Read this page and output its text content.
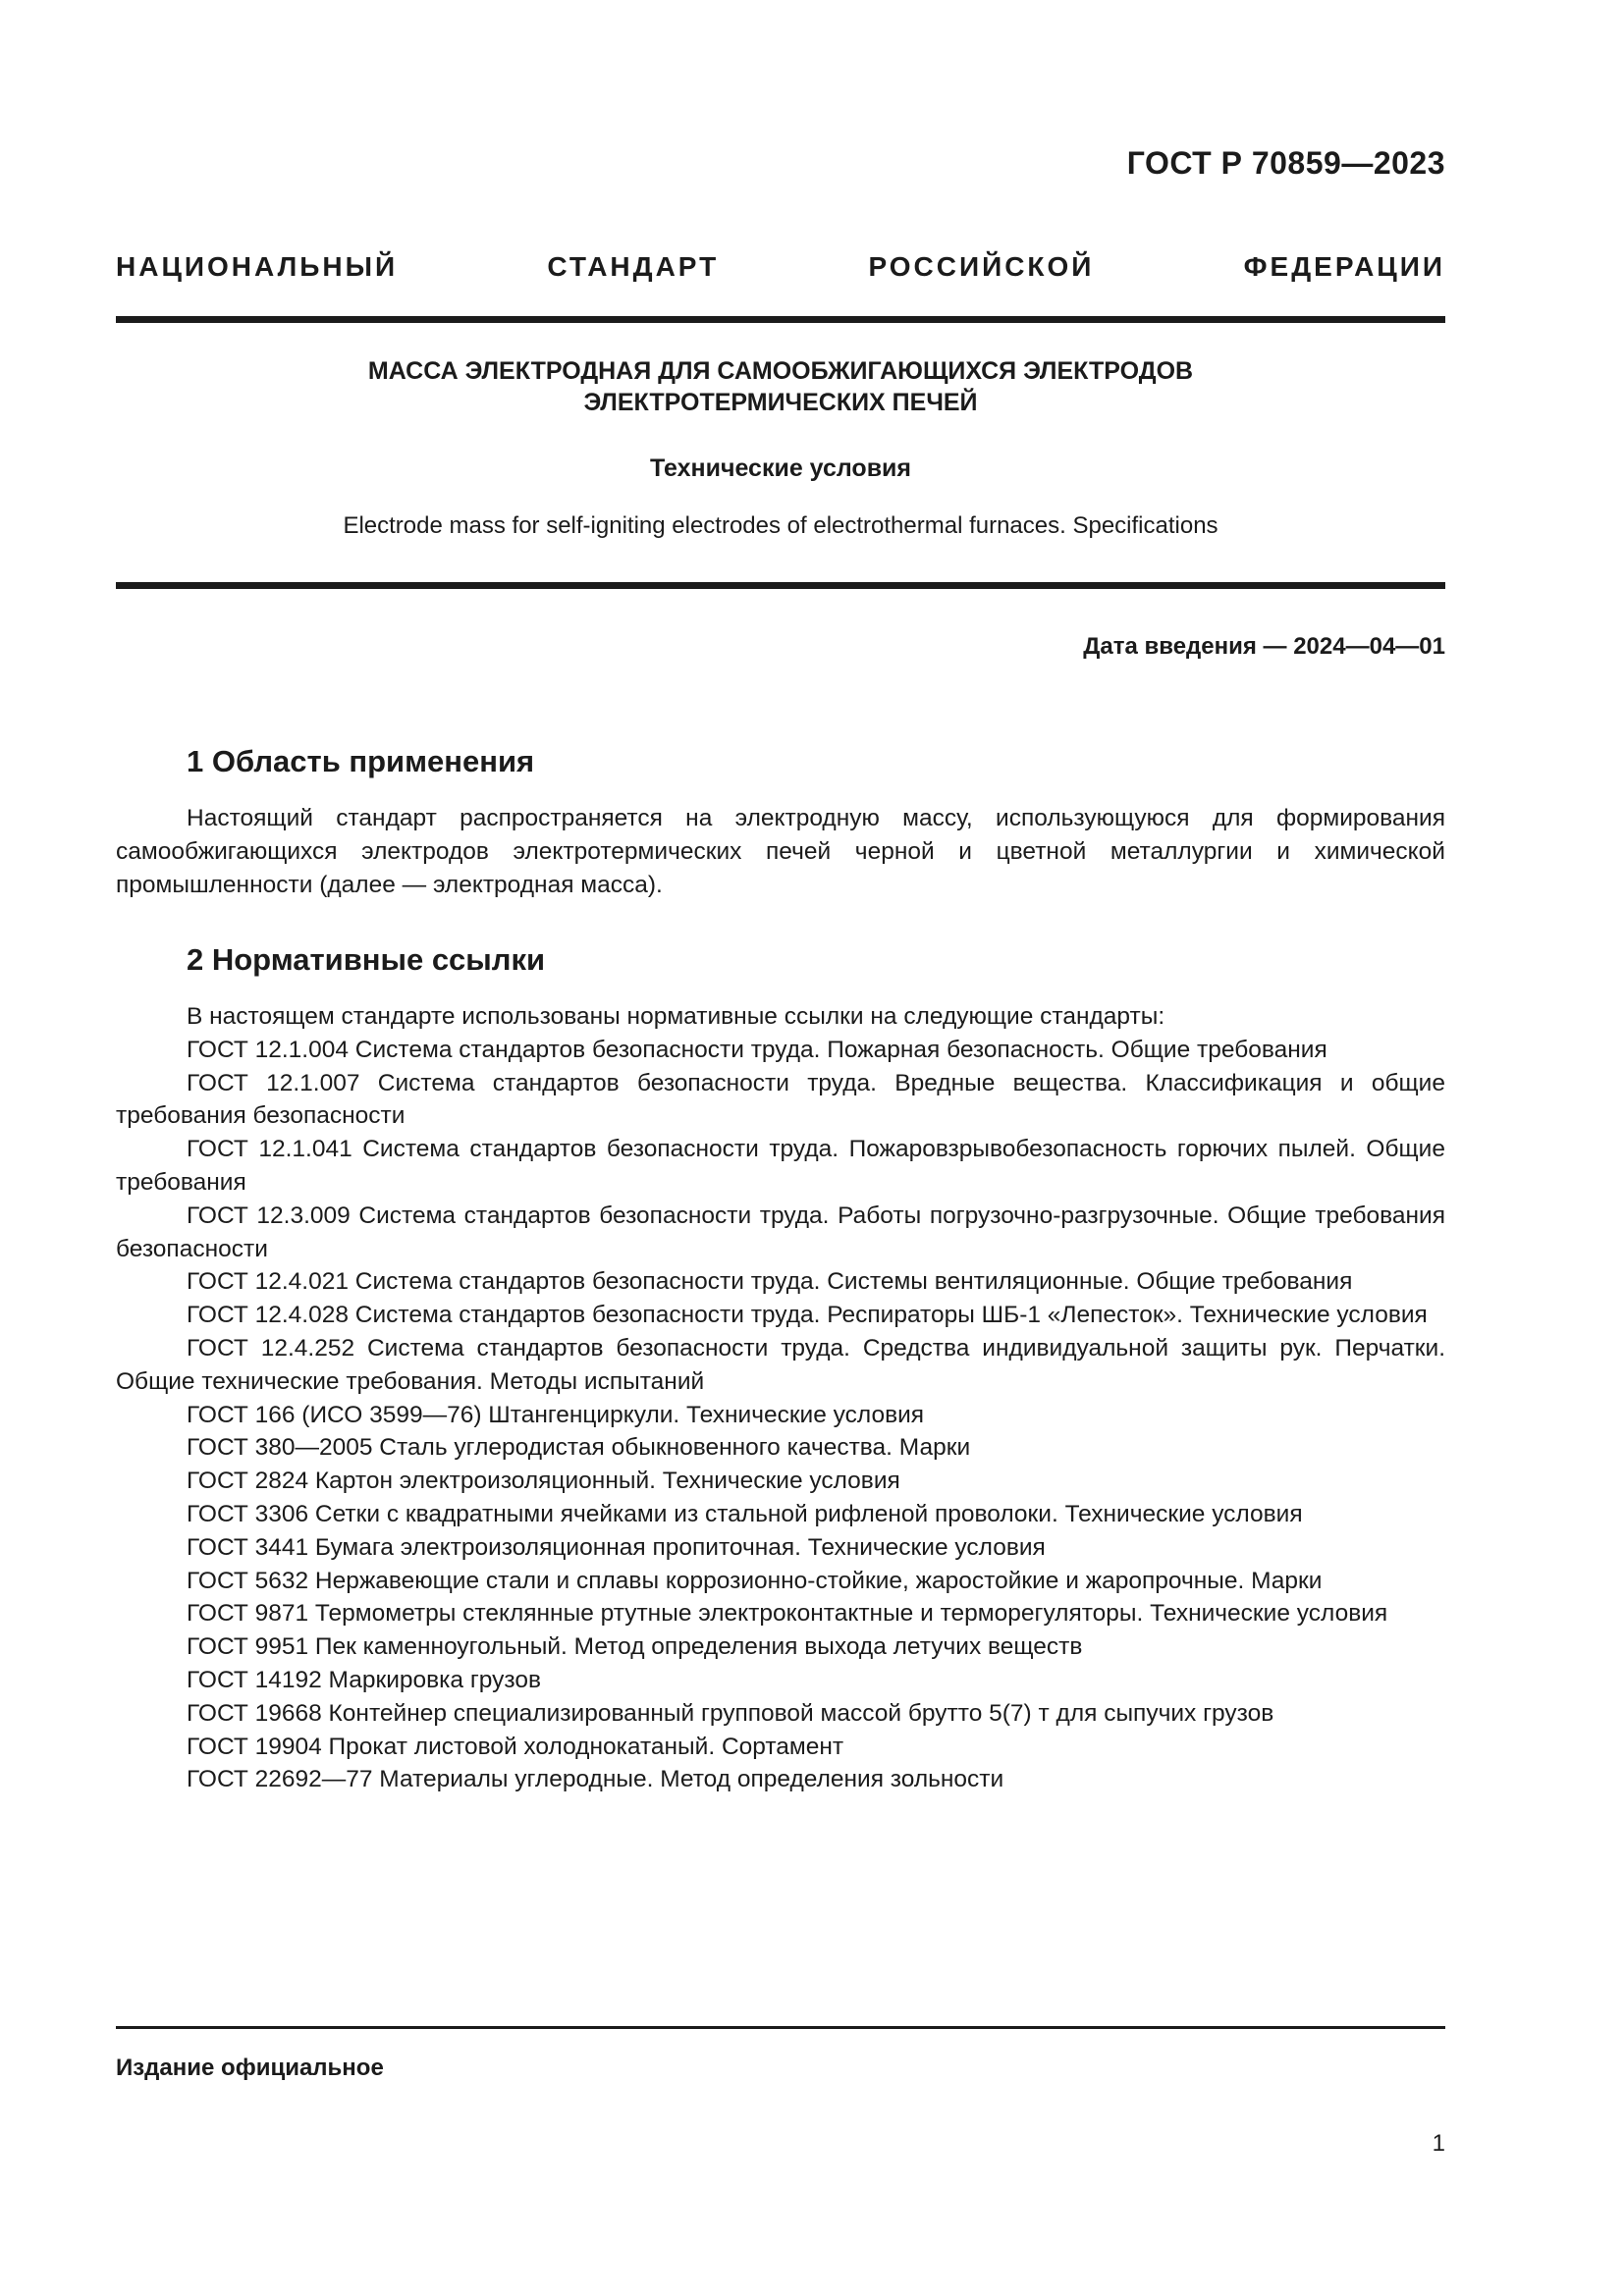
ГОСТ Р 70859—2023
НАЦИОНАЛЬНЫЙ СТАНДАРТ РОССИЙСКОЙ ФЕДЕРАЦИИ
МАССА ЭЛЕКТРОДНАЯ ДЛЯ САМООБЖИГАЮЩИХСЯ ЭЛЕКТРОДОВ
ЭЛЕКТРОТЕРМИЧЕСКИХ ПЕЧЕЙ
Технические условия
Electrode mass for self-igniting electrodes of electrothermal furnaces. Specifications
Дата введения — 2024—04—01
1 Область применения

Настоящий стандарт распространяется на электродную массу, использующуюся для формирования самообжигающихся электродов электротермических печей черной и цветной металлургии и химической промышленности (далее — электродная масса).

2 Нормативные ссылки

В настоящем стандарте использованы нормативные ссылки на следующие стандарты:

ГОСТ 12.1.004 Система стандартов безопасности труда. Пожарная безопасность. Общие требования

ГОСТ 12.1.007 Система стандартов безопасности труда. Вредные вещества. Классификация и общие требования безопасности

ГОСТ 12.1.041 Система стандартов безопасности труда. Пожаровзрывобезопасность горючих пылей. Общие требования

ГОСТ 12.3.009 Система стандартов безопасности труда. Работы погрузочно-разгрузочные. Общие требования безопасности

ГОСТ 12.4.021 Система стандартов безопасности труда. Системы вентиляционные. Общие требования

ГОСТ 12.4.028 Система стандартов безопасности труда. Респираторы ШБ-1 «Лепесток». Технические условия

ГОСТ 12.4.252 Система стандартов безопасности труда. Средства индивидуальной защиты рук. Перчатки. Общие технические требования. Методы испытаний

ГОСТ 166 (ИСО 3599—76) Штангенциркули. Технические условия

ГОСТ 380—2005 Сталь углеродистая обыкновенного качества. Марки

ГОСТ 2824 Картон электроизоляционный. Технические условия

ГОСТ 3306 Сетки с квадратными ячейками из стальной рифленой проволоки. Технические условия

ГОСТ 3441 Бумага электроизоляционная пропиточная. Технические условия

ГОСТ 5632 Нержавеющие стали и сплавы коррозионно-стойкие, жаростойкие и жаропрочные. Марки

ГОСТ 9871 Термометры стеклянные ртутные электроконтактные и терморегуляторы. Технические условия

ГОСТ 9951 Пек каменноугольный. Метод определения выхода летучих веществ

ГОСТ 14192 Маркировка грузов

ГОСТ 19668 Контейнер специализированный групповой массой брутто 5(7) т для сыпучих грузов

ГОСТ 19904 Прокат листовой холоднокатаный. Сортамент

ГОСТ 22692—77 Материалы углеродные. Метод определения зольности

Издание официальное
1
